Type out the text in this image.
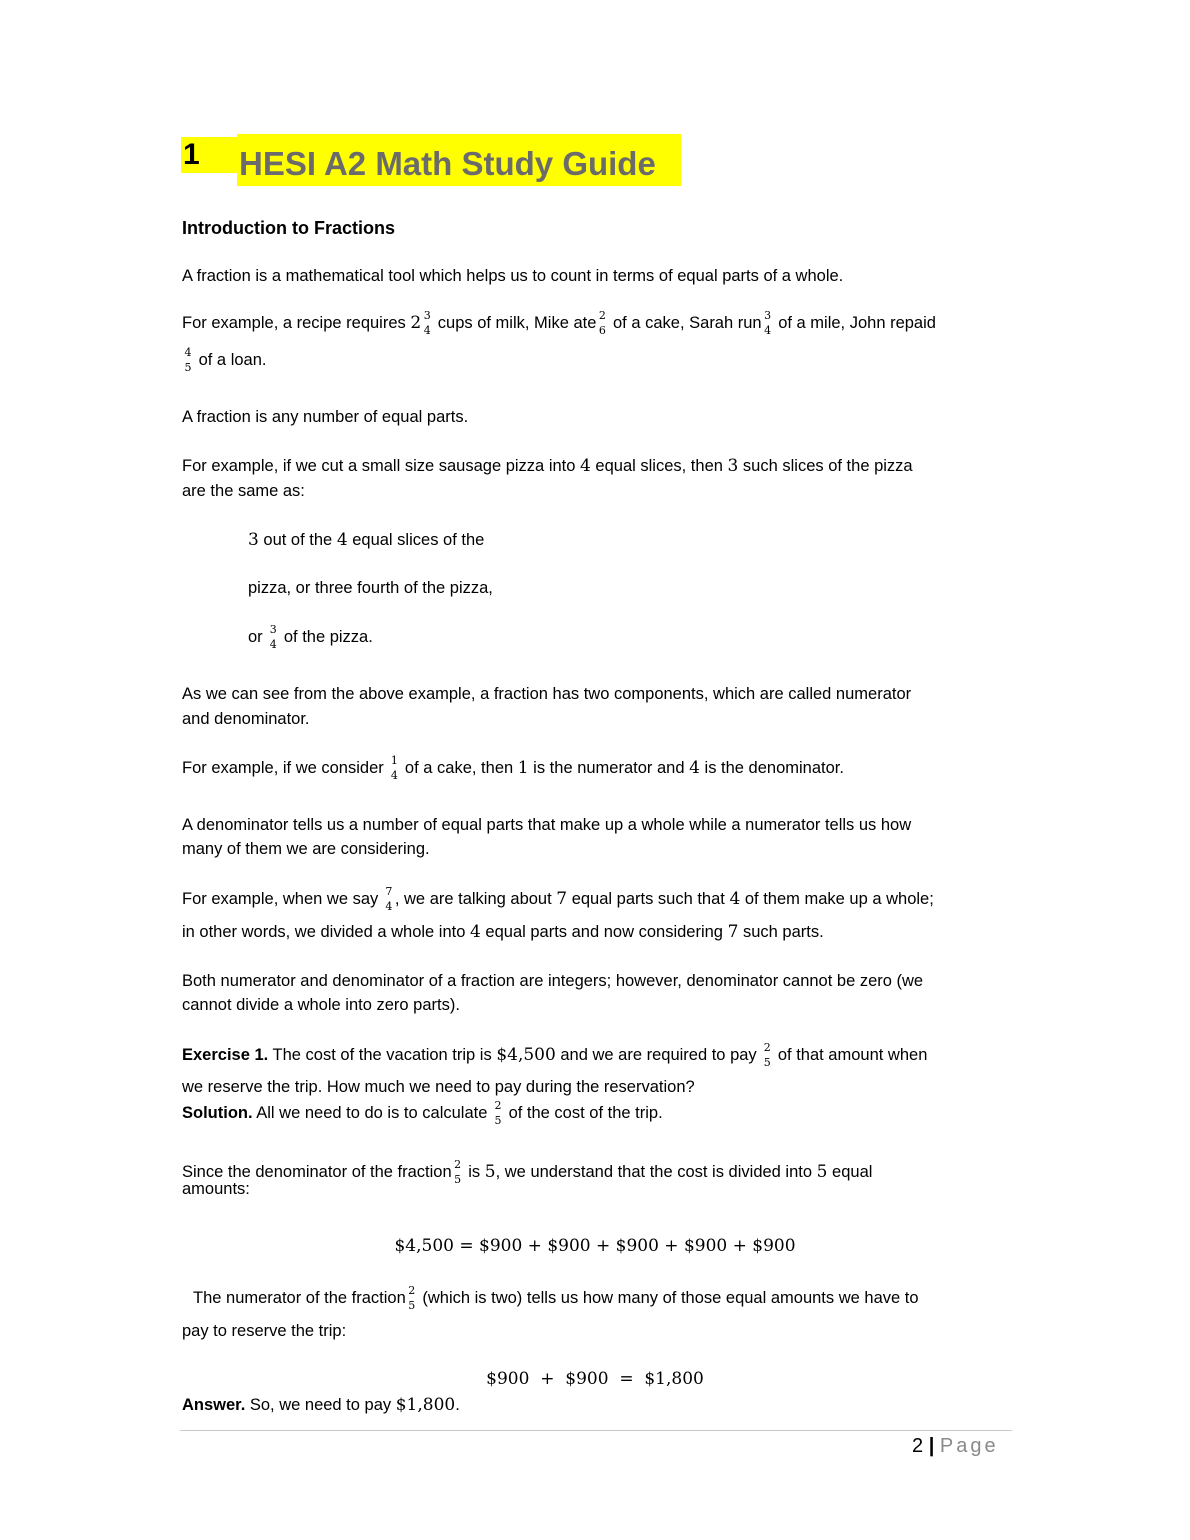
1 HESI A2 Math Study Guide
Introduction to Fractions
A fraction is a mathematical tool which helps us to count in terms of equal parts of a whole.
For example, a recipe requires 2 3
4 cups of milk, Mike ate 2
6 of a cake, Sarah run 3
4 of a mile, John repaid
4
5 of a loan.
A fraction is any number of equal parts.
For example, if we cut a small size sausage pizza into 4 equal slices, then 3 such slices of the pizza
are the same as:
3 out of the 4 equal slices of the
pizza, or three fourth of the pizza,
or 3
4 of the pizza.
As we can see from the above example, a fraction has two components, which are called numerator
and denominator.
For example, if we consider 1
4 of a cake, then 1 is the numerator and 4 is the denominator.
A denominator tells us a number of equal parts that make up a whole while a numerator tells us how
many of them we are considering.
For example, when we say 7
4 , we are talking about 7 equal parts such that 4 of them make up a whole;
in other words, we divided a whole into 4 equal parts and now considering 7 such parts.
Both numerator and denominator of a fraction are integers; however, denominator cannot be zero (we
cannot divide a whole into zero parts).
Exercise 1. The cost of the vacation trip is $4,500 and we are required to pay 2
5 of that amount when
we reserve the trip. How much we need to pay during the reservation?
Solution. All we need to do is to calculate 2
5 of the cost of the trip.
Since the denominator of the fraction 2
5 is 5, we understand that the cost is divided into 5 equal
amounts:
$4,500 = $900 + $900 + $900 + $900 + $900
The numerator of the fraction 2
5 (which is two) tells us how many of those equal amounts we have to
pay to reserve the trip:
$900  +  $900  =  $1,800
Answer. So, we need to pay $1,800.
2 | Page
